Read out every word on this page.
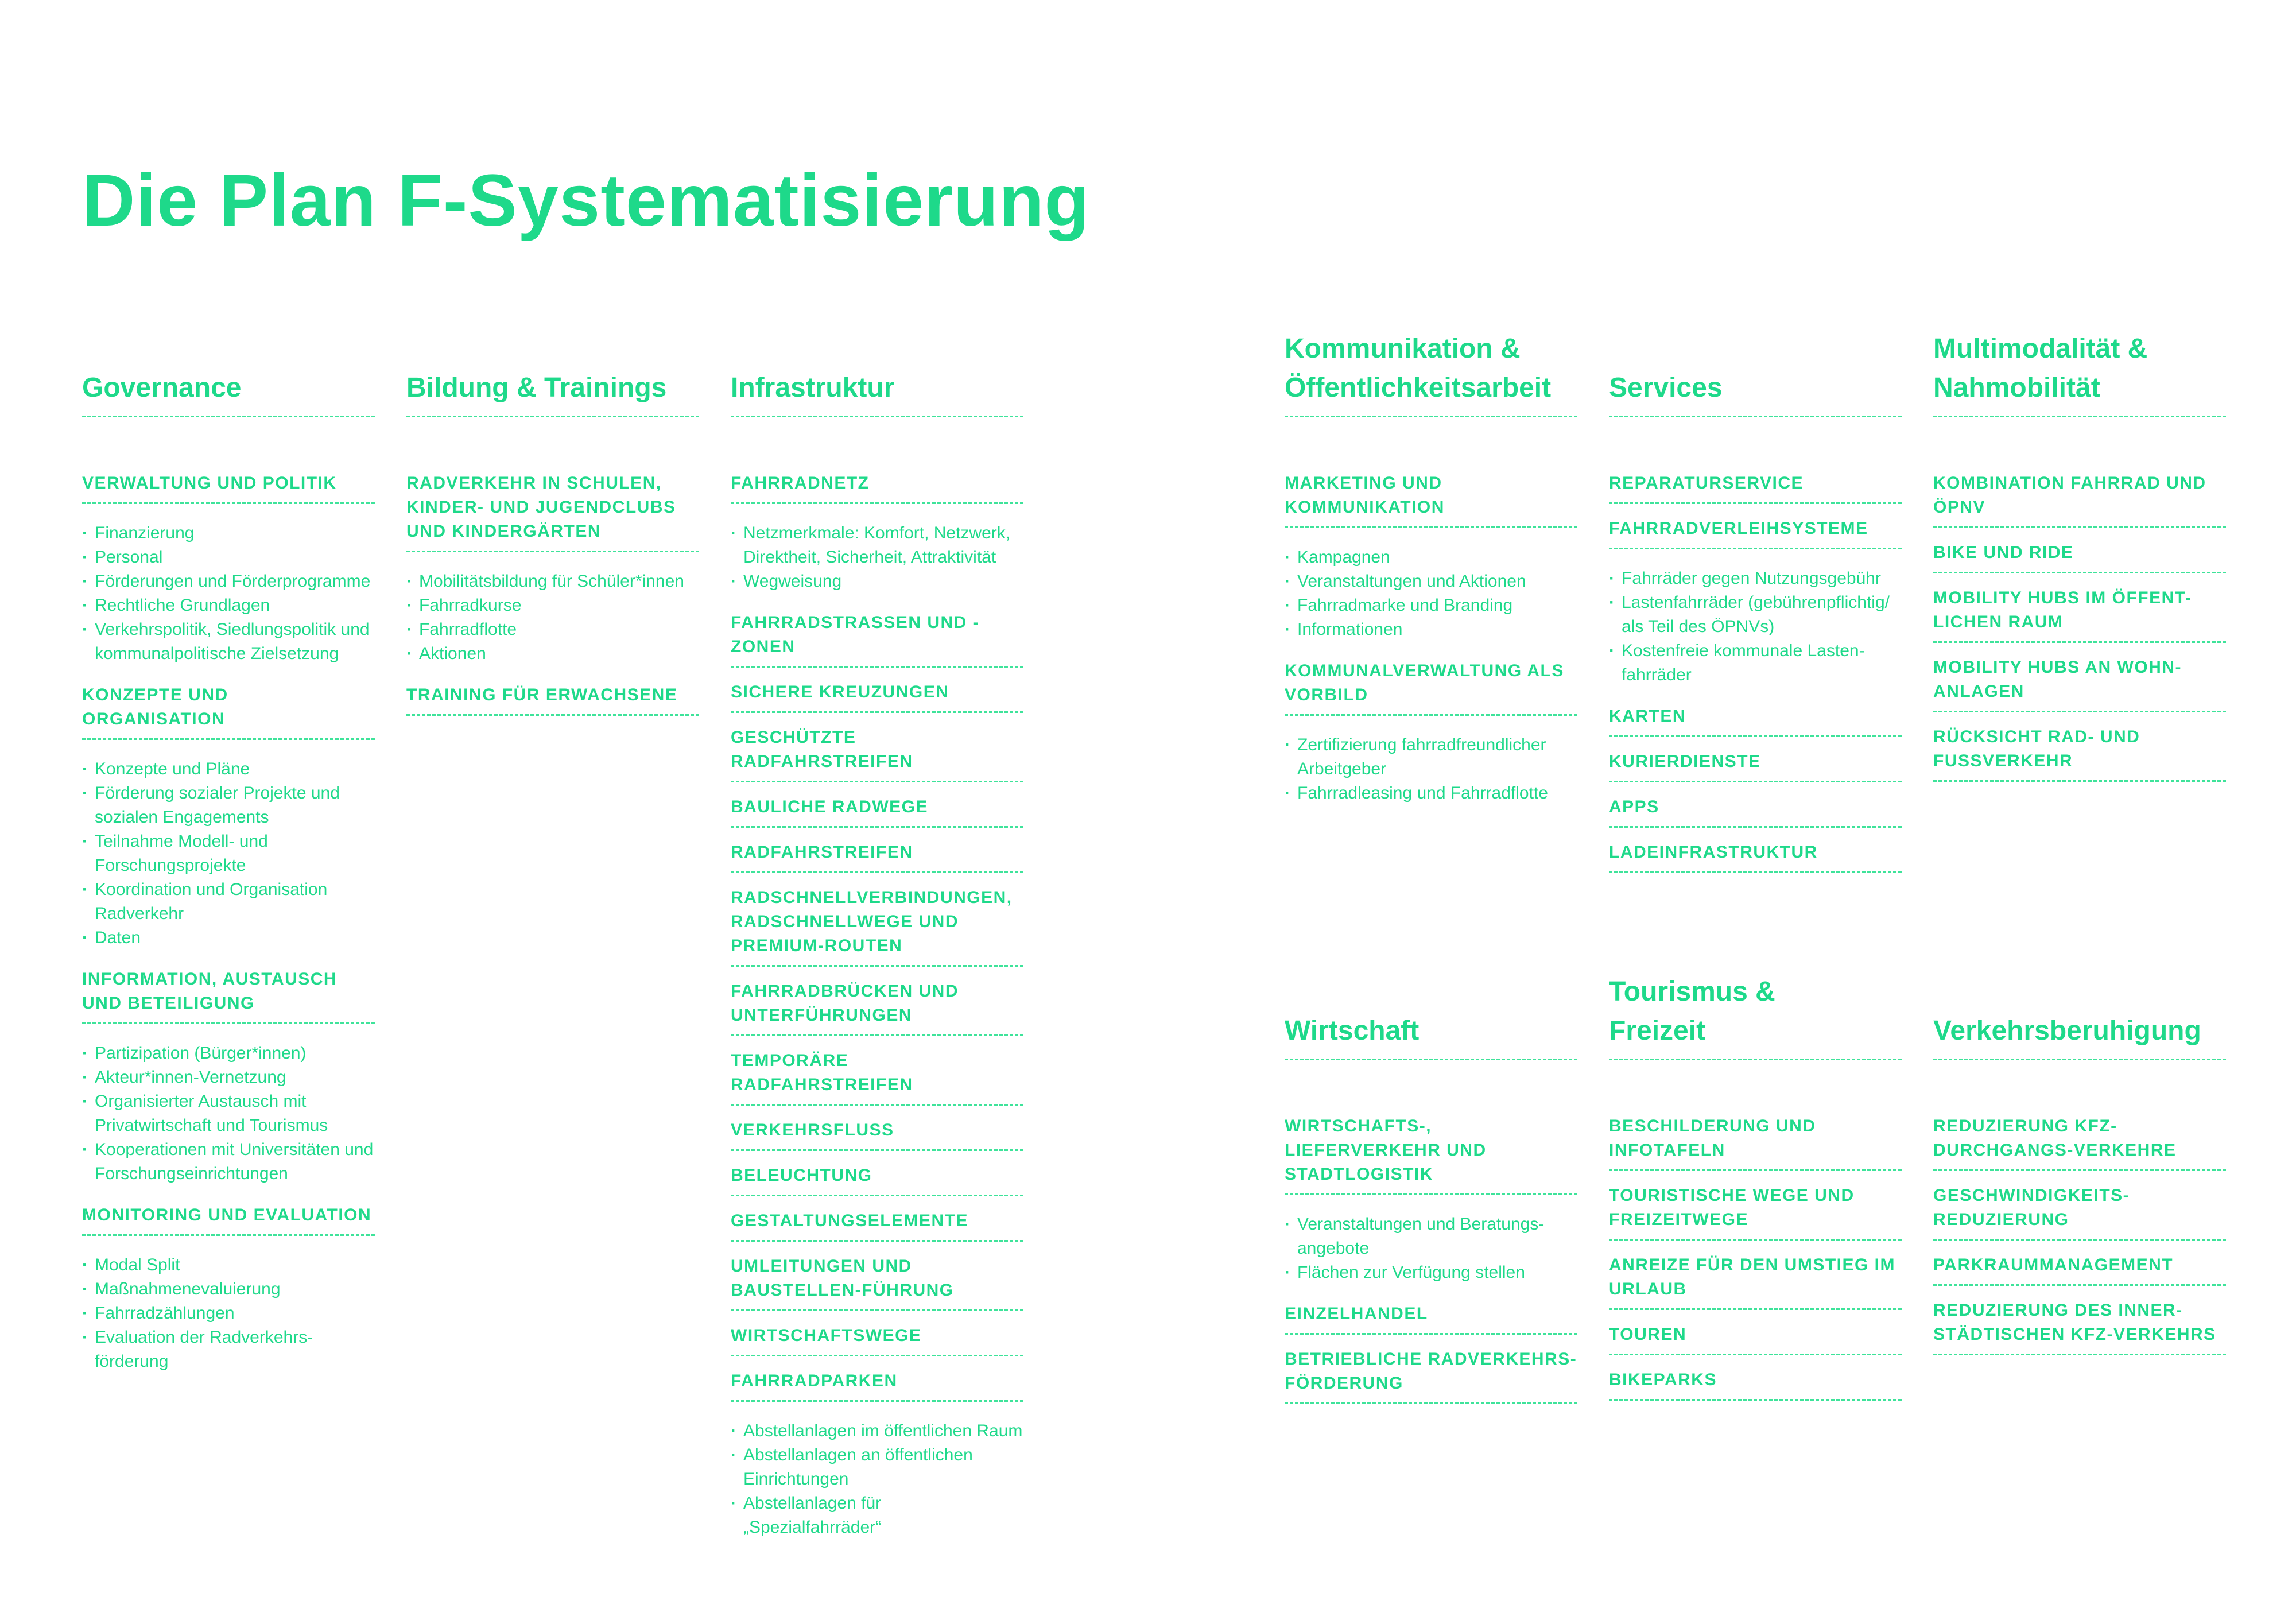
Die Plan F-Systematisierung
Governance
VERWALTUNG UND POLITIK
· Finanzierung
· Personal
· Förderungen und Förderprogramme
· Rechtliche Grundlagen
· Verkehrspolitik, Siedlungspolitik und kommunalpolitische Zielsetzung
KONZEPTE UND ORGANISATION
· Konzepte und Pläne
· Förderung sozialer Projekte und sozialen Engagements
· Teilnahme Modell- und Forschungsprojekte
· Koordination und Organisation Radverkehr
· Daten
INFORMATION, AUSTAUSCH UND BETEILIGUNG
· Partizipation (Bürger*innen)
· Akteur*innen-Vernetzung
· Organisierter Austausch mit Privatwirtschaft und Tourismus
· Kooperationen mit Universitäten und Forschungseinrichtungen
MONITORING UND EVALUATION
· Modal Split
· Maßnahmenevaluierung
· Fahrradzählungen
· Evaluation der Radverkehrs-förderung
Bildung & Trainings
RADVERKEHR IN SCHULEN, KINDER- UND JUGENDCLUBS UND KINDERGÄRTEN
· Mobilitätsbildung für Schüler*innen
· Fahrradkurse
· Fahrradflotte
· Aktionen
TRAINING FÜR ERWACHSENE
Infrastruktur
FAHRRADNETZ
· Netzmerkmale: Komfort, Netzwerk, Direktheit, Sicherheit, Attraktivität
· Wegweisung
FAHRRADSTRASSEN UND -ZONEN
SICHERE KREUZUNGEN
GESCHÜTZTE RADFAHRSTREIFEN
BAULICHE RADWEGE
RADFAHRSTREIFEN
RADSCHNELLVERBINDUNGEN, RADSCHNELLWEGE UND PREMIUM-ROUTEN
FAHRRADBRÜCKEN UND UNTERFÜHRUNGEN
TEMPORÄRE RADFAHRSTREIFEN
VERKEHRSFLUSS
BELEUCHTUNG
GESTALTUNGSELEMENTE
UMLEITUNGEN UND BAUSTELLEN-FÜHRUNG
WIRTSCHAFTSWEGE
FAHRRADPARKEN
· Abstellanlagen im öffentlichen Raum
· Abstellanlagen an öffentlichen Einrichtungen
· Abstellanlagen für „Spezialfahrräder“
Kommunikation &
Öffentlichkeitsarbeit
MARKETING UND KOMMUNIKATION
· Kampagnen
· Veranstaltungen und Aktionen
· Fahrradmarke und Branding
· Informationen
KOMMUNALVERWALTUNG ALS VORBILD
· Zertifizierung fahrradfreundlicher Arbeitgeber
· Fahrradleasing und Fahrradflotte
Services
REPARATURSERVICE
FAHRRADVERLEIHSYSTEME
· Fahrräder gegen Nutzungsgebühr
· Lastenfahrräder (gebührenpflichtig/ als Teil des ÖPNVs)
· Kostenfreie kommunale Lasten-fahrräder
KARTEN
KURIERDIENSTE
APPS
LADEINFRASTRUKTUR
Multimodalität &
Nahmobilität
KOMBINATION FAHRRAD UND ÖPNV
BIKE UND RIDE
MOBILITY HUBS IM ÖFFENT-LICHEN RAUM
MOBILITY HUBS AN WOHN-ANLAGEN
RÜCKSICHT RAD- UND FUSSVERKEHR
Wirtschaft
WIRTSCHAFTS-, LIEFERVERKEHR UND STADTLOGISTIK
· Veranstaltungen und Beratungs-angebote
· Flächen zur Verfügung stellen
EINZELHANDEL
BETRIEBLICHE RADVERKEHRS-FÖRDERUNG
Tourismus &
Freizeit
BESCHILDERUNG UND INFOTAFELN
TOURISTISCHE WEGE UND FREIZEITWEGE
ANREIZE FÜR DEN UMSTIEG IM URLAUB
TOUREN
BIKEPARKS
Verkehrsberuhigung
REDUZIERUNG KFZ-DURCHGANGS-VERKEHRE
GESCHWINDIGKEITS-REDUZIERUNG
PARKRAUMMANAGEMENT
REDUZIERUNG DES INNER-STÄDTISCHEN KFZ-VERKEHRS
